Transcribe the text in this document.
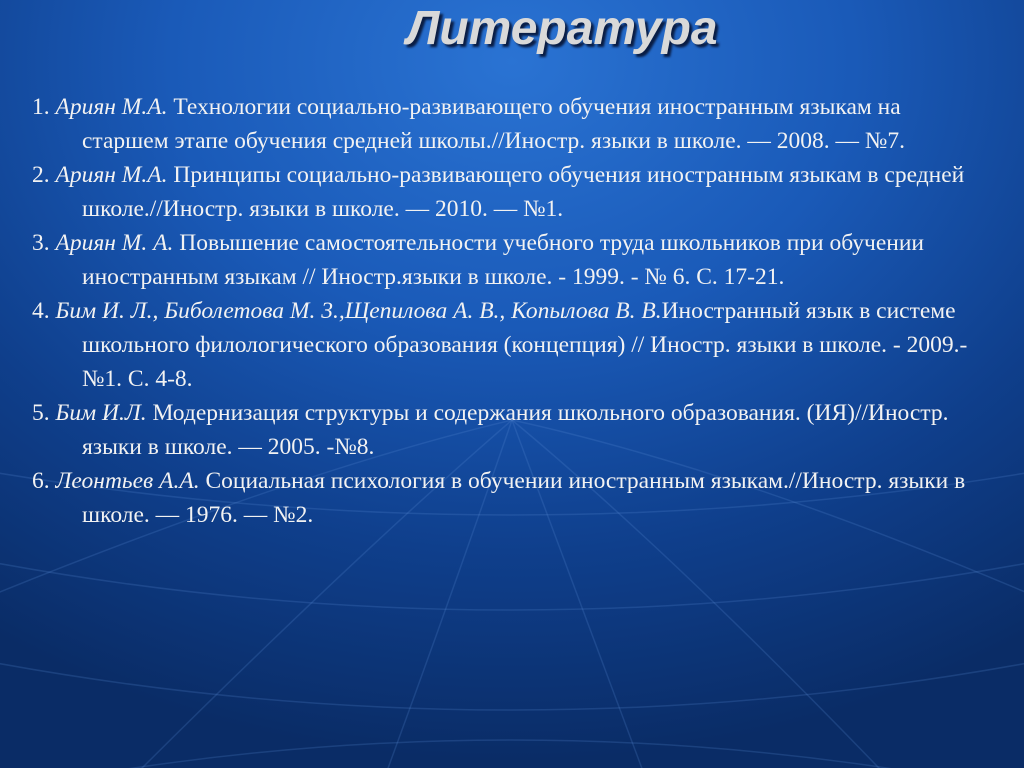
Литература
1. Ариян М.А. Технологии социально-развивающего обучения иностранным языкам на старшем этапе обучения средней школы.//Иностр. языки в школе. — 2008. — №7.
2. Ариян М.А. Принципы социально-развивающего обучения иностранным языкам в средней школе.//Иностр. языки в школе. — 2010. — №1.
3. Ариян М. А. Повышение самостоятельности учебного труда школьников при обучении иностранным языкам // Иностр.языки в школе. - 1999. - № 6. С. 17-21.
4. Бим И. Л., Биболетова М. 3.,Щепилова А. В., Копылова В. В.Иностранный язык в системе школьного филологического образования (концепция) // Иностр. языки в школе. - 2009.- №1. С. 4-8.
5. Бим И.Л. Модернизация структуры и содержания школьного образования. (ИЯ)//Иностр. языки в школе. — 2005. -№8.
6. Леонтьев А.А. Социальная психология в обучении иностранным языкам.//Иностр. языки в школе. — 1976. — №2.
